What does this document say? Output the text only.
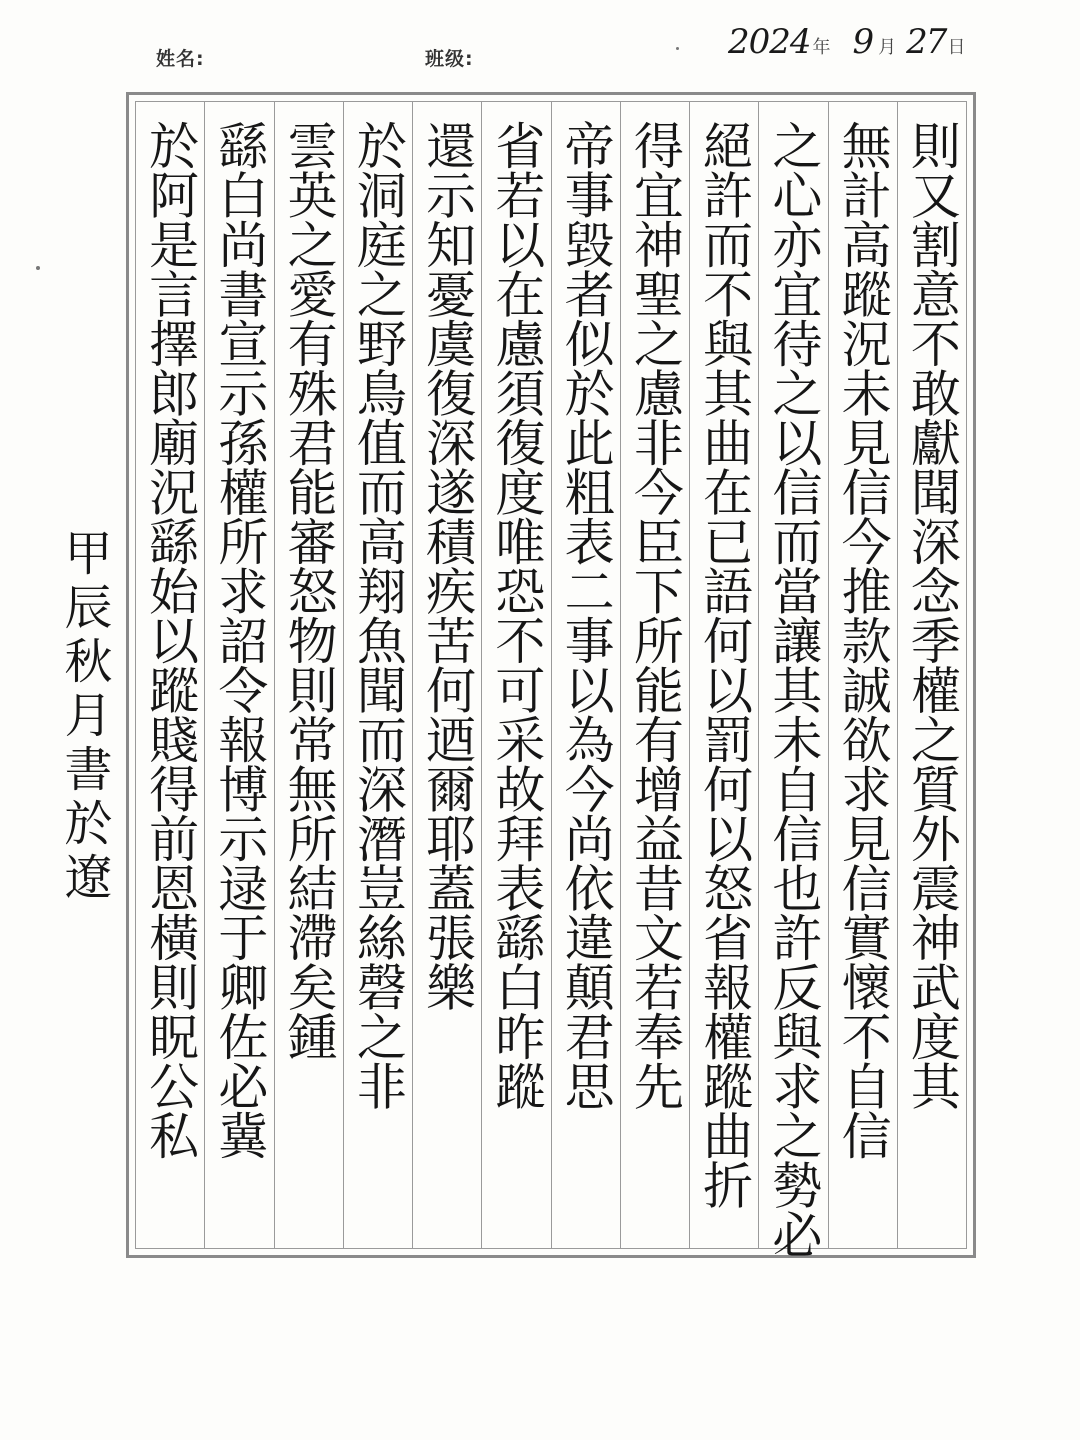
姓名:	班级:	2024 年 9 月 27 日
則又割意不敢獻聞深念季權之質外震神武度其
無計高蹤況未見信今推款誠欲求見信實懷不自信
之心亦宜待之以信而當讓其未自信也許反與求之勢必
絕許而不與其曲在已語何以罰何以怒省報權蹤曲折
得宜神聖之慮非今臣下所能有增益昔文若奉先
帝事毀者似於此粗表二事以為今尚依違顛君思
省若以在慮須復度唯恐不可采故拜表繇白昨蹤
還示知憂虞復深遂積疾苦何迺爾耶蓋張樂
於洞庭之野鳥值而高翔魚聞而深潛豈絲磬之非
雲英之愛有殊君能審怒物則常無所結滯矣鍾
繇白尚書宣示孫權所求詔令報博示逯于卿佐必冀
於阿是言擇郎廟況繇始以蹤賤得前恩橫則眖公私
甲辰秋月書於遼
